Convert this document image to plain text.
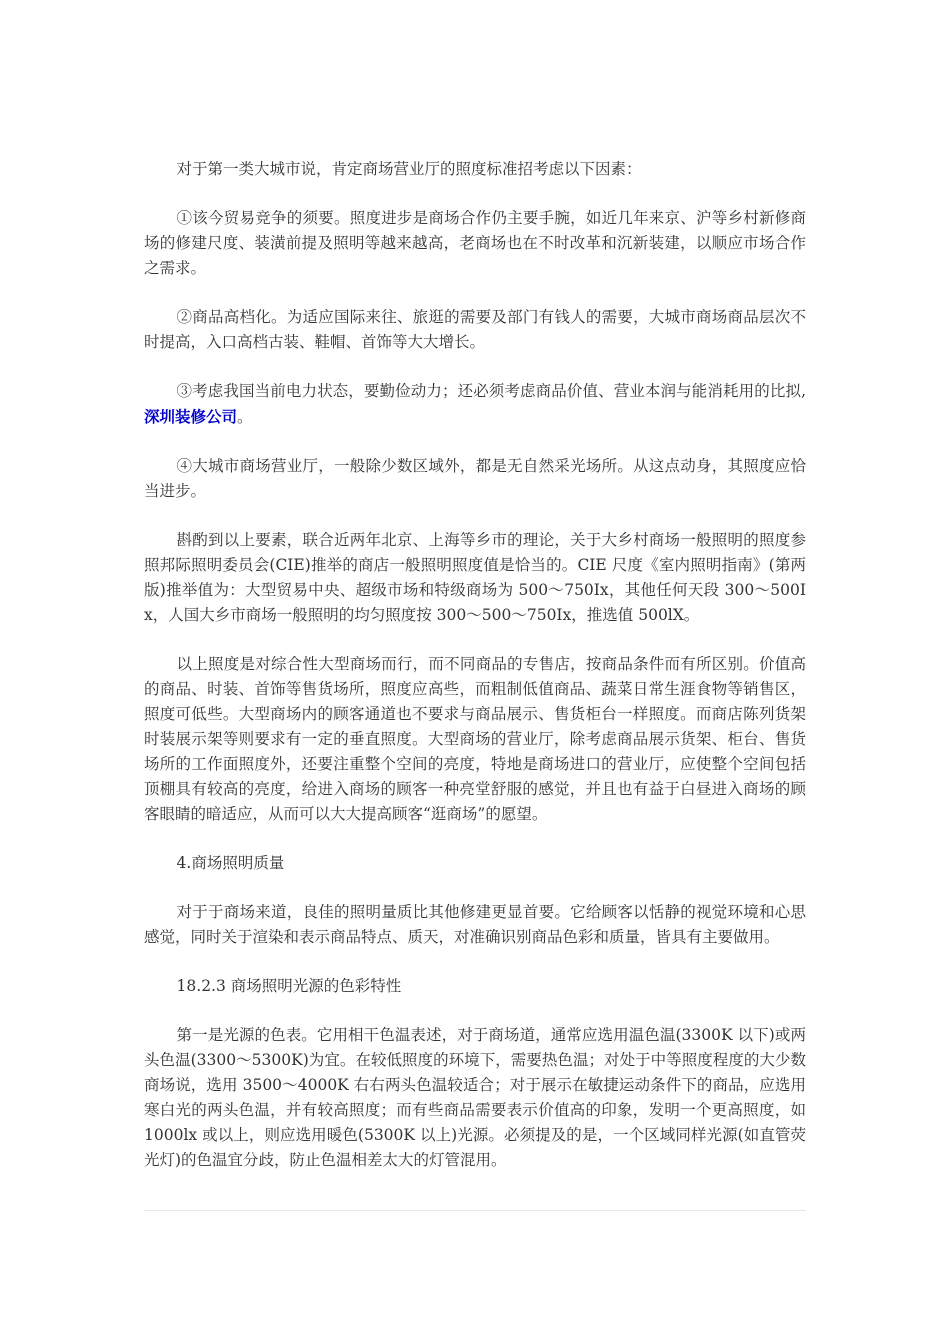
对于第一类大城市说，肯定商场营业厅的照度标准招考虑以下因素：

①该今贸易竞争的须要。照度进步是商场合作仍主要手腕，如近几年来京、沪等乡村新修商场的修建尺度、装潢前提及照明等越来越高，老商场也在不时改革和沉新装建，以顺应市场合作之需求。

②商品高档化。为适应国际来往、旅逛的需要及部门有钱人的需要，大城市商场商品层次不时提高，入口高档古装、鞋帽、首饰等大大增长。

③考虑我国当前电力状态，要勤俭动力；还必须考虑商品价值、营业本润与能消耗用的比拟,深圳装修公司。

④大城市商场营业厅，一般除少数区域外，都是无自然采光场所。从这点动身，其照度应恰当进步。

斟酌到以上要素，联合近两年北京、上海等乡市的理论，关于大乡村商场一般照明的照度参照邦际照明委员会(CIE)推举的商店一般照明照度值是恰当的。CIE 尺度《室内照明指南》(第两版)推举值为：大型贸易中央、超级市场和特级商场为 500～750Ix，其他任何天段 300～500Ix，人国大乡市商场一般照明的均匀照度按 300～500～750Ix，推选值 500lX。

以上照度是对综合性大型商场而行，而不同商品的专售店，按商品条件而有所区别。价值高的商品、时装、首饰等售货场所，照度应高些，而粗制低值商品、蔬菜日常生涯食物等销售区，照度可低些。大型商场内的顾客通道也不要求与商品展示、售货柜台一样照度。而商店陈列货架时装展示架等则要求有一定的垂直照度。大型商场的营业厅，除考虑商品展示货架、柜台、售货场所的工作面照度外，还要注重整个空间的亮度，特地是商场进口的营业厅，应使整个空间包括顶棚具有较高的亮度，给进入商场的顾客一种亮堂舒服的感觉，并且也有益于白昼进入商场的顾客眼睛的暗适应，从而可以大大提高顾客“逛商场”的愿望。

4.商场照明质量

对于于商场来道，良佳的照明量质比其他修建更显首要。它给顾客以恬静的视觉环境和心思感觉，同时关于渲染和表示商品特点、质天，对准确识别商品色彩和质量，皆具有主要做用。

18.2.3 商场照明光源的色彩特性

第一是光源的色表。它用相干色温表述，对于商场道，通常应选用温色温(3300K 以下)或两头色温(3300～5300K)为宜。在较低照度的环境下，需要热色温；对处于中等照度程度的大少数商场说，选用 3500～4000K 右右两头色温较适合；对于展示在敏捷运动条件下的商品，应选用寒白光的两头色温，并有较高照度；而有些商品需要表示价值高的印象，发明一个更高照度，如 1000lx 或以上，则应选用暖色(5300K 以上)光源。必须提及的是，一个区域同样光源(如直管荧光灯)的色温宜分歧，防止色温相差太大的灯管混用。
